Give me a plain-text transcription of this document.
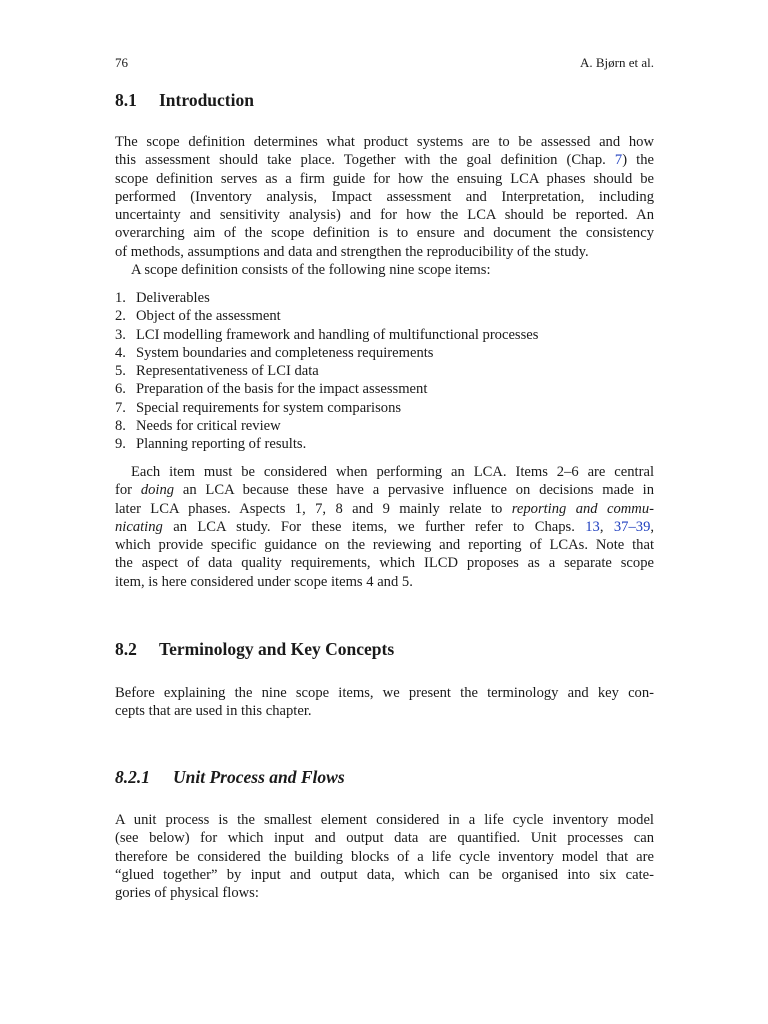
76	A. Bjørn et al.
8.1 Introduction

The scope definition determines what product systems are to be assessed and how
this assessment should take place. Together with the goal definition (Chap. 7) the
scope definition serves as a firm guide for how the ensuing LCA phases should be
performed (Inventory analysis, Impact assessment and Interpretation, including
uncertainty and sensitivity analysis) and for how the LCA should be reported. An
overarching aim of the scope definition is to ensure and document the consistency
of methods, assumptions and data and strengthen the reproducibility of the study.
A scope definition consists of the following nine scope items:

1. Deliverables
2. Object of the assessment
3. LCI modelling framework and handling of multifunctional processes
4. System boundaries and completeness requirements
5. Representativeness of LCI data
6. Preparation of the basis for the impact assessment
7. Special requirements for system comparisons
8. Needs for critical review
9. Planning reporting of results.

Each item must be considered when performing an LCA. Items 2–6 are central
for doing an LCA because these have a pervasive influence on decisions made in
later LCA phases. Aspects 1, 7, 8 and 9 mainly relate to reporting and commu-
nicating an LCA study. For these items, we further refer to Chaps. 13, 37–39,
which provide specific guidance on the reviewing and reporting of LCAs. Note that
the aspect of data quality requirements, which ILCD proposes as a separate scope
item, is here considered under scope items 4 and 5.

8.2 Terminology and Key Concepts

Before explaining the nine scope items, we present the terminology and key con-
cepts that are used in this chapter.

8.2.1 Unit Process and Flows

A unit process is the smallest element considered in a life cycle inventory model
(see below) for which input and output data are quantified. Unit processes can
therefore be considered the building blocks of a life cycle inventory model that are
“glued together” by input and output data, which can be organised into six cate-
gories of physical flows:
